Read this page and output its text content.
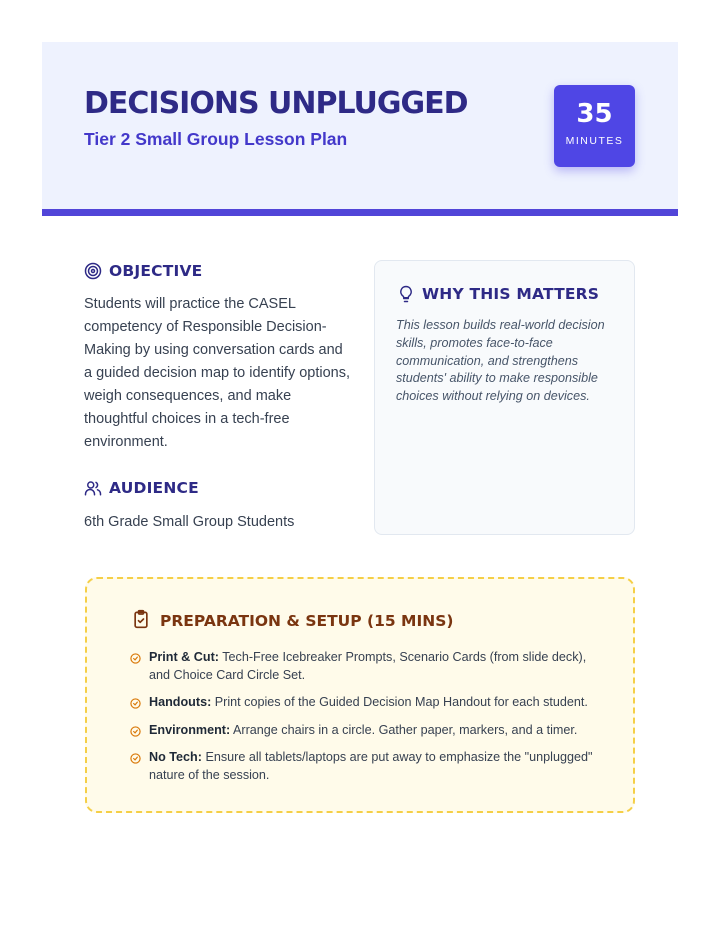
DECISIONS UNPLUGGED
Tier 2 Small Group Lesson Plan
35
MINUTES
OBJECTIVE

Students will practice the CASEL competency of Responsible Decision-Making by using conversation cards and a guided decision map to identify options, weigh consequences, and make thoughtful choices in a tech-free environment.

AUDIENCE

6th Grade Small Group Students

WHY THIS MATTERS

This lesson builds real-world decision skills, promotes face-to-face communication, and strengthens students' ability to make responsible choices without relying on devices.

PREPARATION & SETUP (15 MINS)
Print & Cut: Tech-Free Icebreaker Prompts, Scenario Cards (from slide deck), and Choice Card Circle Set.
Handouts: Print copies of the Guided Decision Map Handout for each student.
Environment: Arrange chairs in a circle. Gather paper, markers, and a timer.
No Tech: Ensure all tablets/laptops are put away to emphasize the "unplugged" nature of the session.
